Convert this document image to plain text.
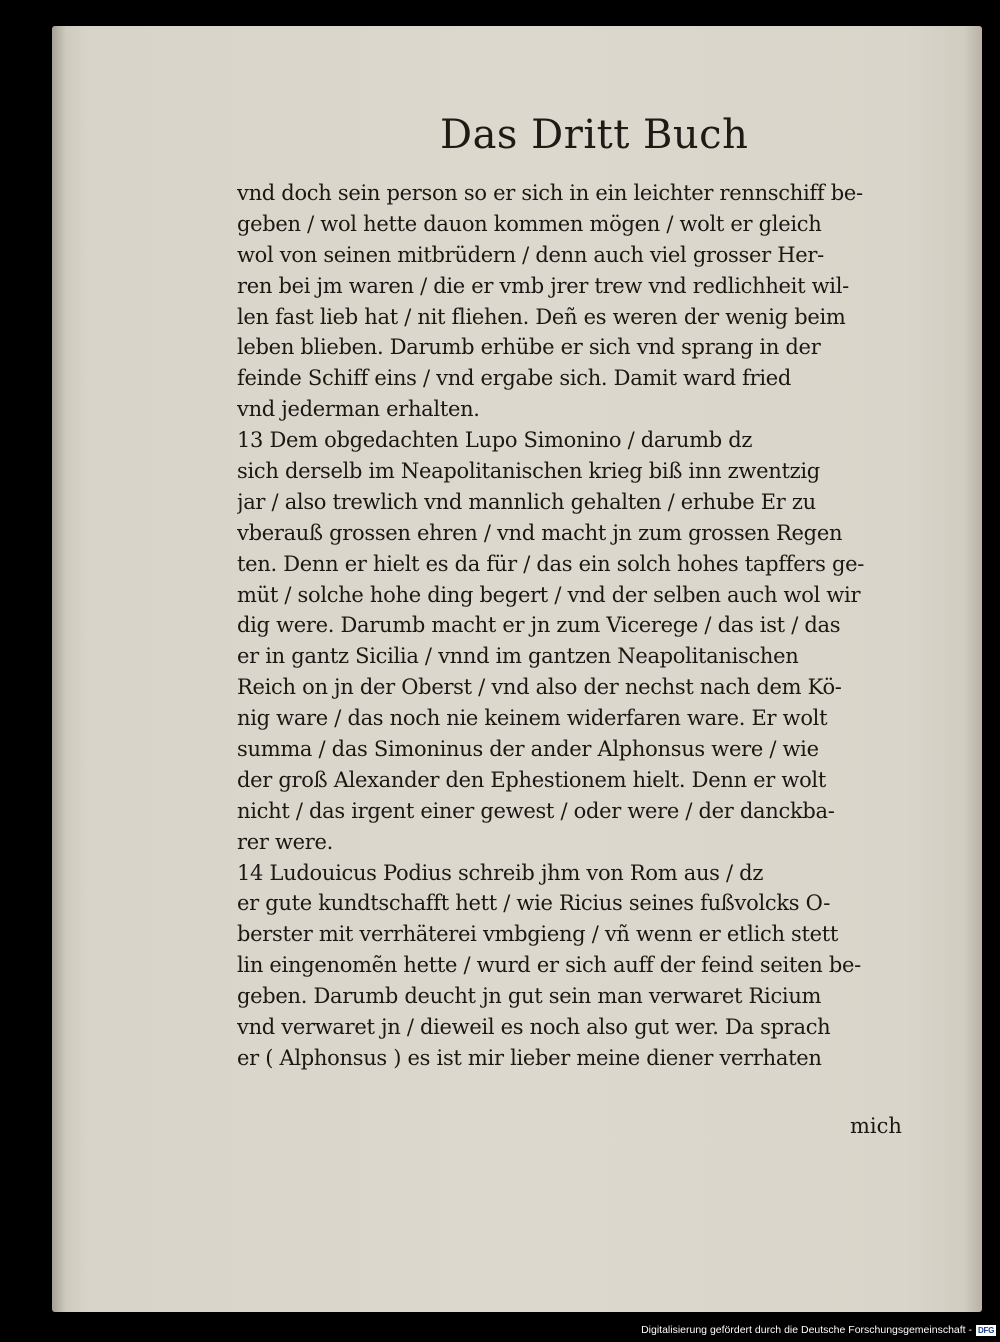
Das Dritt Buch
vnd doch sein person so er sich in ein leichter rennschiff be-
geben / wol hette dauon kommen mögen / wolt er gleich
wol von seinen mitbrüdern / denn auch viel grosser Her-
ren bei jm waren / die er vmb jrer trew vnd redlichheit wil-
len fast lieb hat / nit fliehen. Deñ es weren der wenig beim
leben blieben. Darumb erhübe er sich vnd sprang in der
feinde Schiff eins / vnd ergabe sich. Damit ward fried
vnd jederman erhalten.
13 Dem obgedachten Lupo Simonino / darumb dz
sich derselb im Neapolitanischen krieg biß inn zwentzig
jar / also trewlich vnd mannlich gehalten / erhube Er zu
vberauß grossen ehren / vnd macht jn zum grossen Regen
ten. Denn er hielt es da für / das ein solch hohes tapffers ge-
müt / solche hohe ding begert / vnd der selben auch wol wir
dig were. Darumb macht er jn zum Vicerege / das ist / das
er in gantz Sicilia / vnnd im gantzen Neapolitanischen
Reich on jn der Oberst / vnd also der nechst nach dem Kö-
nig ware / das noch nie keinem widerfaren ware. Er wolt
summa / das Simoninus der ander Alphonsus were / wie
der groß Alexander den Ephestionem hielt. Denn er wolt
nicht / das irgent einer gewest / oder were / der danckba-
rer were.
14 Ludouicus Podius schreib jhm von Rom aus / dz
er gute kundtschafft hett / wie Ricius seines fußvolcks O-
berster mit verrhäterei vmbgieng / vñ wenn er etlich stett
lin eingenomẽn hette / wurd er sich auff der feind seiten be-
geben. Darumb deucht jn gut sein man verwaret Ricium
vnd verwaret jn / dieweil es noch also gut wer. Da sprach
er ( Alphonsus ) es ist mir lieber meine diener verrhaten
mich
Digitalisierung gefördert durch die Deutsche Forschungsgemeinschaft - DFG
